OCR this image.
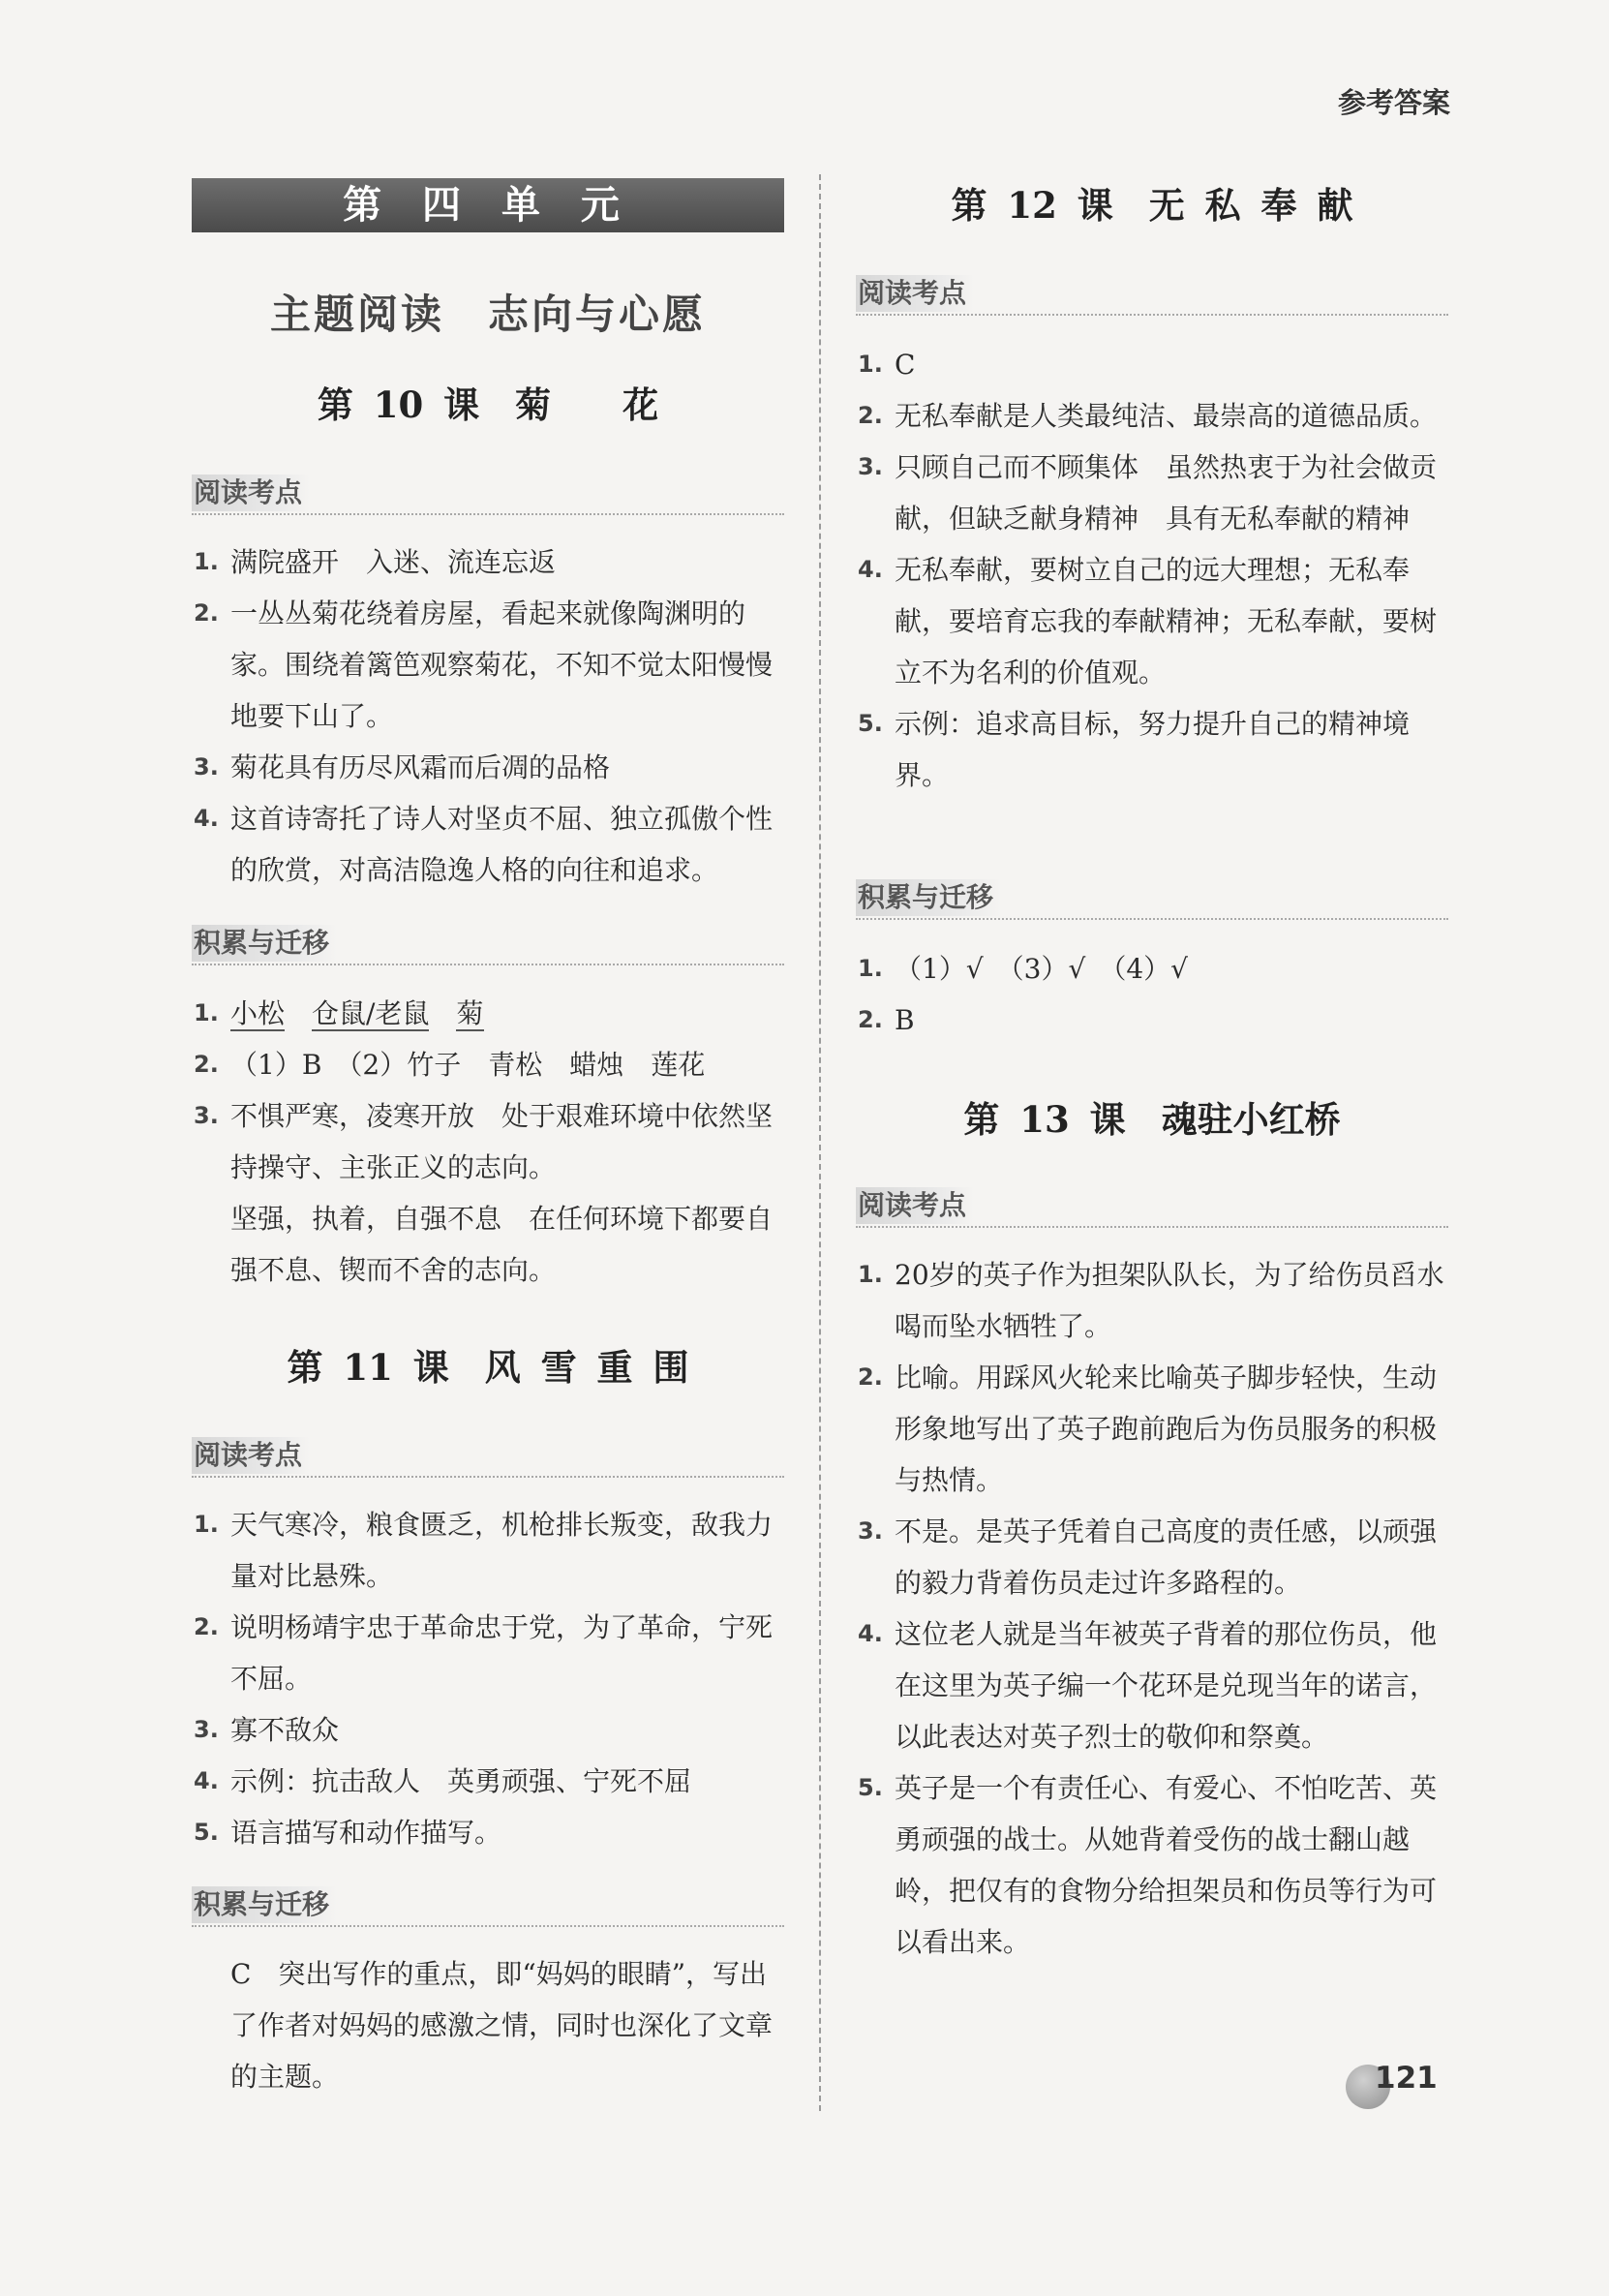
参考答案
第 四 单 元
主题阅读　志向与心愿
第 10 课　菊　　花
阅读考点
1. 满院盛开　入迷、流连忘返
2. 一丛丛菊花绕着房屋，看起来就像陶渊明的家。围绕着篱笆观察菊花，不知不觉太阳慢慢地要下山了。
3. 菊花具有历尽风霜而后凋的品格
4. 这首诗寄托了诗人对坚贞不屈、独立孤傲个性的欣赏，对高洁隐逸人格的向往和追求。
积累与迁移
1. 小松　 仓鼠/老鼠　 菊
2. （1）B　（2）竹子　青松　蜡烛　莲花
3. 不惧严寒，凌寒开放　处于艰难环境中依然坚持操守、主张正义的志向。
坚强，执着，自强不息　在任何环境下都要自强不息、锲而不舍的志向。
第 11 课　风 雪 重 围
阅读考点
1. 天气寒冷，粮食匮乏，机枪排长叛变，敌我力量对比悬殊。
2. 说明杨靖宇忠于革命忠于党，为了革命，宁死不屈。
3. 寡不敌众
4. 示例：抗击敌人　英勇顽强、宁死不屈
5. 语言描写和动作描写。
积累与迁移
C　突出写作的重点，即“妈妈的眼睛”，写出了作者对妈妈的感激之情，同时也深化了文章的主题。
第 12 课　无 私 奉 献
阅读考点
1. C
2. 无私奉献是人类最纯洁、最崇高的道德品质。
3. 只顾自己而不顾集体　虽然热衷于为社会做贡献，但缺乏献身精神　具有无私奉献的精神
4. 无私奉献，要树立自己的远大理想；无私奉献，要培育忘我的奉献精神；无私奉献，要树立不为名利的价值观。
5. 示例：追求高目标，努力提升自己的精神境界。
积累与迁移
1. （1）√　（3）√　（4）√
2. B
第 13 课　魂驻小红桥
阅读考点
1. 20岁的英子作为担架队队长，为了给伤员舀水喝而坠水牺牲了。
2. 比喻。用踩风火轮来比喻英子脚步轻快，生动形象地写出了英子跑前跑后为伤员服务的积极与热情。
3. 不是。是英子凭着自己高度的责任感，以顽强的毅力背着伤员走过许多路程的。
4. 这位老人就是当年被英子背着的那位伤员，他在这里为英子编一个花环是兑现当年的诺言，以此表达对英子烈士的敬仰和祭奠。
5. 英子是一个有责任心、有爱心、不怕吃苦、英勇顽强的战士。从她背着受伤的战士翻山越岭，把仅有的食物分给担架员和伤员等行为可以看出来。
121
